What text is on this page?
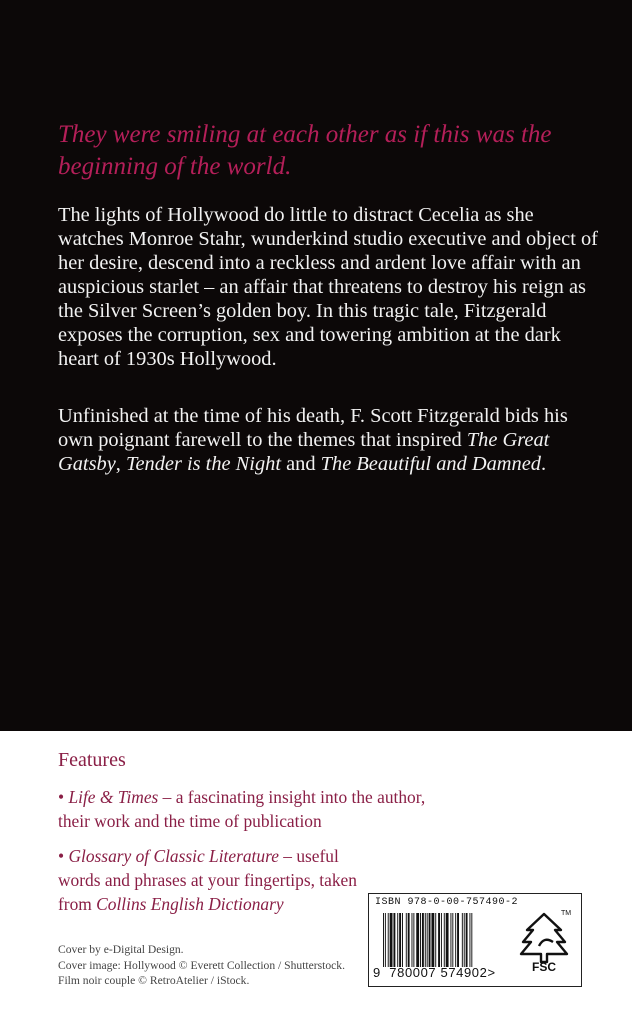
They were smiling at each other as if this was the beginning of the world.

The lights of Hollywood do little to distract Cecelia as she watches Monroe Stahr, wunderkind studio executive and object of her desire, descend into a reckless and ardent love affair with an auspicious starlet – an affair that threatens to destroy his reign as the Silver Screen’s golden boy. In this tragic tale, Fitzgerald exposes the corruption, sex and towering ambition at the dark heart of 1930s Hollywood.

Unfinished at the time of his death, F. Scott Fitzgerald bids his own poignant farewell to the themes that inspired The Great Gatsby, Tender is the Night and The Beautiful and Damned.

Features

• Life & Times – a fascinating insight into the author, their work and the time of publication

• Glossary of Classic Literature – useful words and phrases at your fingertips, taken from Collins English Dictionary

Cover by e-Digital Design.
Cover image: Hollywood © Everett Collection / Shutterstock.
Film noir couple © RetroAtelier / iStock.
ISBN 978-0-00-757490-2
9 780007 574902>
TM
FSC
